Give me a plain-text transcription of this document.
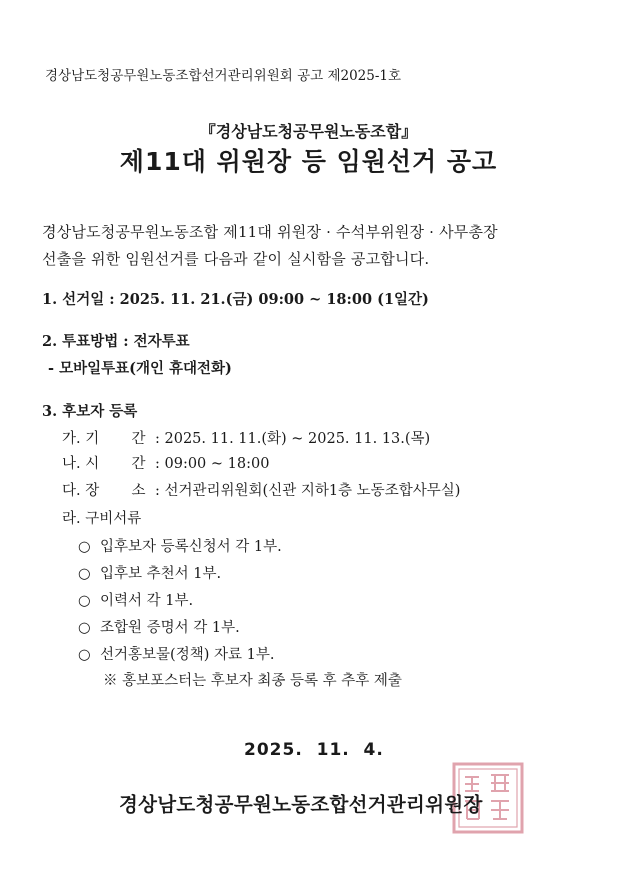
경상남도청공무원노동조합선거관리위원회 공고 제2025-1호
『경상남도청공무원노동조합』
제11대 위원장 등 임원선거 공고
경상남도청공무원노동조합 제11대 위원장 · 수석부위원장 · 사무총장
선출을 위한 임원선거를 다음과 같이 실시함을 공고합니다.
1. 선거일 : 2025. 11. 21.(금) 09:00 ~ 18:00 (1일간)
2. 투표방법 : 전자투표
- 모바일투표(개인 휴대전화)
3. 후보자 등록
가. 기       간 : 2025. 11. 11.(화) ~ 2025. 11. 13.(목)
나. 시       간 : 09:00 ~ 18:00
다. 장       소 : 선거관리위원회(신관 지하1층 노동조합사무실)
라. 구비서류
○ 입후보자 등록신청서 각 1부.
○ 입후보 추천서 1부.
○ 이력서 각 1부.
○ 조합원 증명서 각 1부.
○ 선거홍보물(정책) 자료 1부.
※ 홍보포스터는 후보자 최종 등록 후 추후 제출
2025.  11.  4.
경상남도청공무원노동조합선거관리위원장
